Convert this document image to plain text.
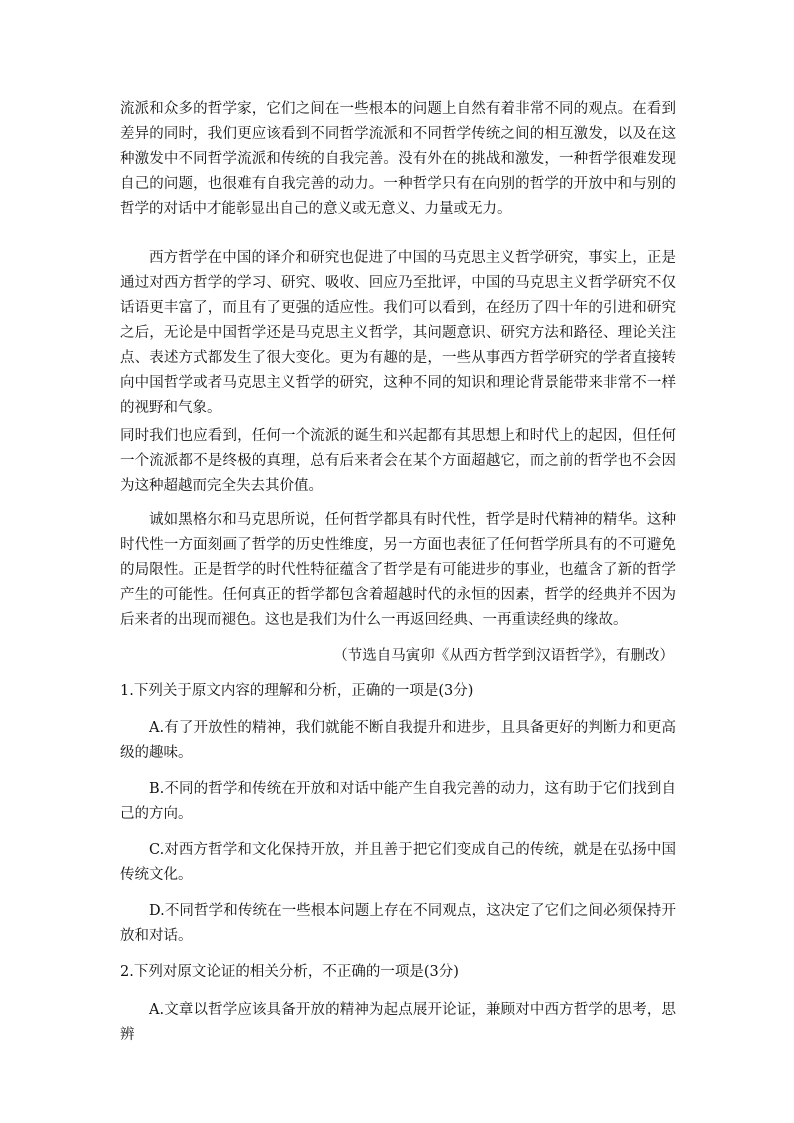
流派和众多的哲学家，它们之间在一些根本的问题上自然有着非常不同的观点。在看到差异的同时，我们更应该看到不同哲学流派和不同哲学传统之间的相互激发，以及在这种激发中不同哲学流派和传统的自我完善。没有外在的挑战和激发，一种哲学很难发现自己的问题，也很难有自我完善的动力。一种哲学只有在向别的哲学的开放中和与别的哲学的对话中才能彰显出自己的意义或无意义、力量或无力。

西方哲学在中国的译介和研究也促进了中国的马克思主义哲学研究，事实上，正是通过对西方哲学的学习、研究、吸收、回应乃至批评，中国的马克思主义哲学研究不仅话语更丰富了，而且有了更强的适应性。我们可以看到，在经历了四十年的引进和研究之后，无论是中国哲学还是马克思主义哲学，其问题意识、研究方法和路径、理论关注点、表述方式都发生了很大变化。更为有趣的是，一些从事西方哲学研究的学者直接转向中国哲学或者马克思主义哲学的研究，这种不同的知识和理论背景能带来非常不一样的视野和气象。

同时我们也应看到，任何一个流派的诞生和兴起都有其思想上和时代上的起因，但任何一个流派都不是终极的真理，总有后来者会在某个方面超越它，而之前的哲学也不会因为这种超越而完全失去其价值。

诚如黑格尔和马克思所说，任何哲学都具有时代性，哲学是时代精神的精华。这种时代性一方面刻画了哲学的历史性维度，另一方面也表征了任何哲学所具有的不可避免的局限性。正是哲学的时代性特征蕴含了哲学是有可能进步的事业，也蕴含了新的哲学产生的可能性。任何真正的哲学都包含着超越时代的永恒的因素，哲学的经典并不因为后来者的出现而褪色。这也是我们为什么一再返回经典、一再重读经典的缘故。

（节选自马寅卯《从西方哲学到汉语哲学》，有删改）

1.下列关于原文内容的理解和分析，正确的一项是(3分)

A.有了开放性的精神，我们就能不断自我提升和进步，且具备更好的判断力和更高级的趣味。

B.不同的哲学和传统在开放和对话中能产生自我完善的动力，这有助于它们找到自己的方向。

C.对西方哲学和文化保持开放，并且善于把它们变成自己的传统，就是在弘扬中国传统文化。

D.不同哲学和传统在一些根本问题上存在不同观点，这决定了它们之间必须保持开放和对话。

2.下列对原文论证的相关分析，不正确的一项是(3分)

A.文章以哲学应该具备开放的精神为起点展开论证，兼顾对中西方哲学的思考，思辨
